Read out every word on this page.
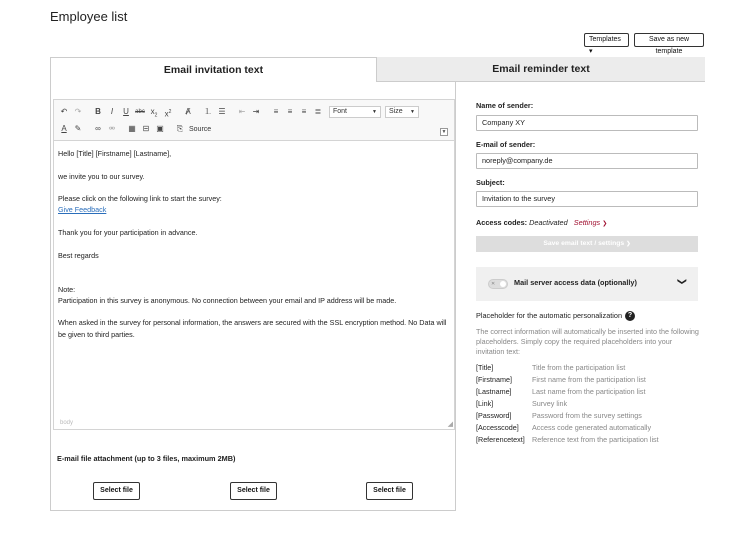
Employee list
Templates ▾
Save as new template
Email invitation text	Email reminder text
↶ ↷	B	I	U	abc $x_2$ $x^2$	Ⱥ	⒈ ☰	⇤ ⇥	≡	≡	≡	≣	Font	▼	Size ▼
A ✎	∞ ⚮	▦ ⊟ ▣	⎘ Source	▼

Hello [Title] [Firstname] [Lastname],

we invite you to our survey.

Please click on the following link to start the survey:

Give Feedback

Thank you for your participation in advance.

Best regards

Note:

Participation in this survey is anonymous. No connection between your email and IP address will be made.

When asked in the survey for personal information, the answers are secured with the SSL encryption method. No Data will be given to third parties.

body	◢
E-mail file attachment (up to 3 files, maximum 2MB)
Select file	Select file	Select file
Name of sender:
Company XY
E-mail of sender:
noreply@company.de
Subject:
Invitation to the survey
Access codes: Deactivated Settings ❯
Save email text / settings ❯
✕	Mail server access data (optionally)	❯
Placeholder for the automatic personalization ?
The correct information will automatically be inserted into the following placeholders. Simply copy the required placeholders into your invitation text:
[Title]	Title from the participation list
[Firstname]	First name from the participation list
[Lastname]	Last name from the participation list
[Link]	Survey link
[Password]	Password from the survey settings
[Accesscode] Access code generated automatically
[Referencetext] Reference text from the participation list
